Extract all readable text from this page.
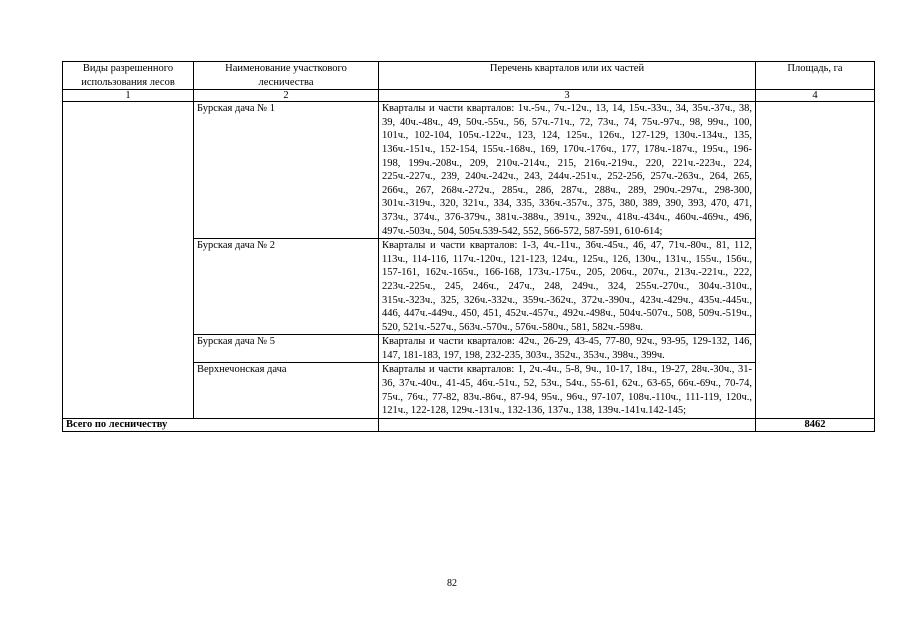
Виды разрешенного использования лесов	Наименование участкового лесничества	Перечень кварталов или их частей	Площадь, га
1	2	3	4
	Бурская дача № 1	Кварталы и части кварталов: 1ч.-5ч., 7ч.-12ч., 13, 14, 15ч.-33ч., 34, 35ч.-37ч., 38, 39, 40ч.-48ч., 49, 50ч.-55ч., 56, 57ч.-71ч., 72, 73ч., 74, 75ч.-97ч., 98, 99ч., 100, 101ч., 102-104, 105ч.-122ч., 123, 124, 125ч., 126ч., 127-129, 130ч.-134ч., 135, 136ч.-151ч., 152-154, 155ч.-168ч., 169, 170ч.-176ч., 177, 178ч.-187ч., 195ч., 196-198, 199ч.-208ч., 209, 210ч.-214ч., 215, 216ч.-219ч., 220, 221ч.-223ч., 224, 225ч.-227ч., 239, 240ч.-242ч., 243, 244ч.-251ч., 252-256, 257ч.-263ч., 264, 265, 266ч., 267, 268ч.-272ч., 285ч., 286, 287ч., 288ч., 289, 290ч.-297ч., 298-300, 301ч.-319ч., 320, 321ч., 334, 335, 336ч.-357ч., 375, 380, 389, 390, 393, 470, 471, 373ч., 374ч., 376-379ч., 381ч.-388ч., 391ч., 392ч., 418ч.-434ч., 460ч.-469ч., 496, 497ч.-503ч., 504, 505ч.539-542, 552, 566-572, 587-591, 610-614;	
	Бурская дача № 2	Кварталы и части кварталов: 1-3, 4ч.-11ч., 36ч.-45ч., 46, 47, 71ч.-80ч., 81, 112, 113ч., 114-116, 117ч.-120ч., 121-123, 124ч., 125ч., 126, 130ч., 131ч., 155ч., 156ч., 157-161, 162ч.-165ч., 166-168, 173ч.-175ч., 205, 206ч., 207ч., 213ч.-221ч., 222, 223ч.-225ч., 245, 246ч., 247ч., 248, 249ч., 324, 255ч.-270ч., 304ч.-310ч., 315ч.-323ч., 325, 326ч.-332ч., 359ч.-362ч., 372ч.-390ч., 423ч.-429ч., 435ч.-445ч., 446, 447ч.-449ч., 450, 451, 452ч.-457ч., 492ч.-498ч., 504ч.-507ч., 508, 509ч.-519ч., 520, 521ч.-527ч., 563ч.-570ч., 576ч.-580ч., 581, 582ч.-598ч.	
	Бурская дача № 5	Кварталы и части кварталов: 42ч., 26-29, 43-45, 77-80, 92ч., 93-95, 129-132, 146, 147, 181-183, 197, 198, 232-235, 303ч., 352ч., 353ч., 398ч., 399ч.	
	Верхнечонская дача	Кварталы и части кварталов: 1, 2ч.-4ч., 5-8, 9ч., 10-17, 18ч., 19-27, 28ч.-30ч., 31-36, 37ч.-40ч., 41-45, 46ч.-51ч., 52, 53ч., 54ч., 55-61, 62ч., 63-65, 66ч.-69ч., 70-74, 75ч., 76ч., 77-82, 83ч.-86ч., 87-94, 95ч., 96ч., 97-107, 108ч.-110ч., 111-119, 120ч., 121ч., 122-128, 129ч.-131ч., 132-136, 137ч., 138, 139ч.-141ч.142-145;	
Всего по лесничеству			8462
82
